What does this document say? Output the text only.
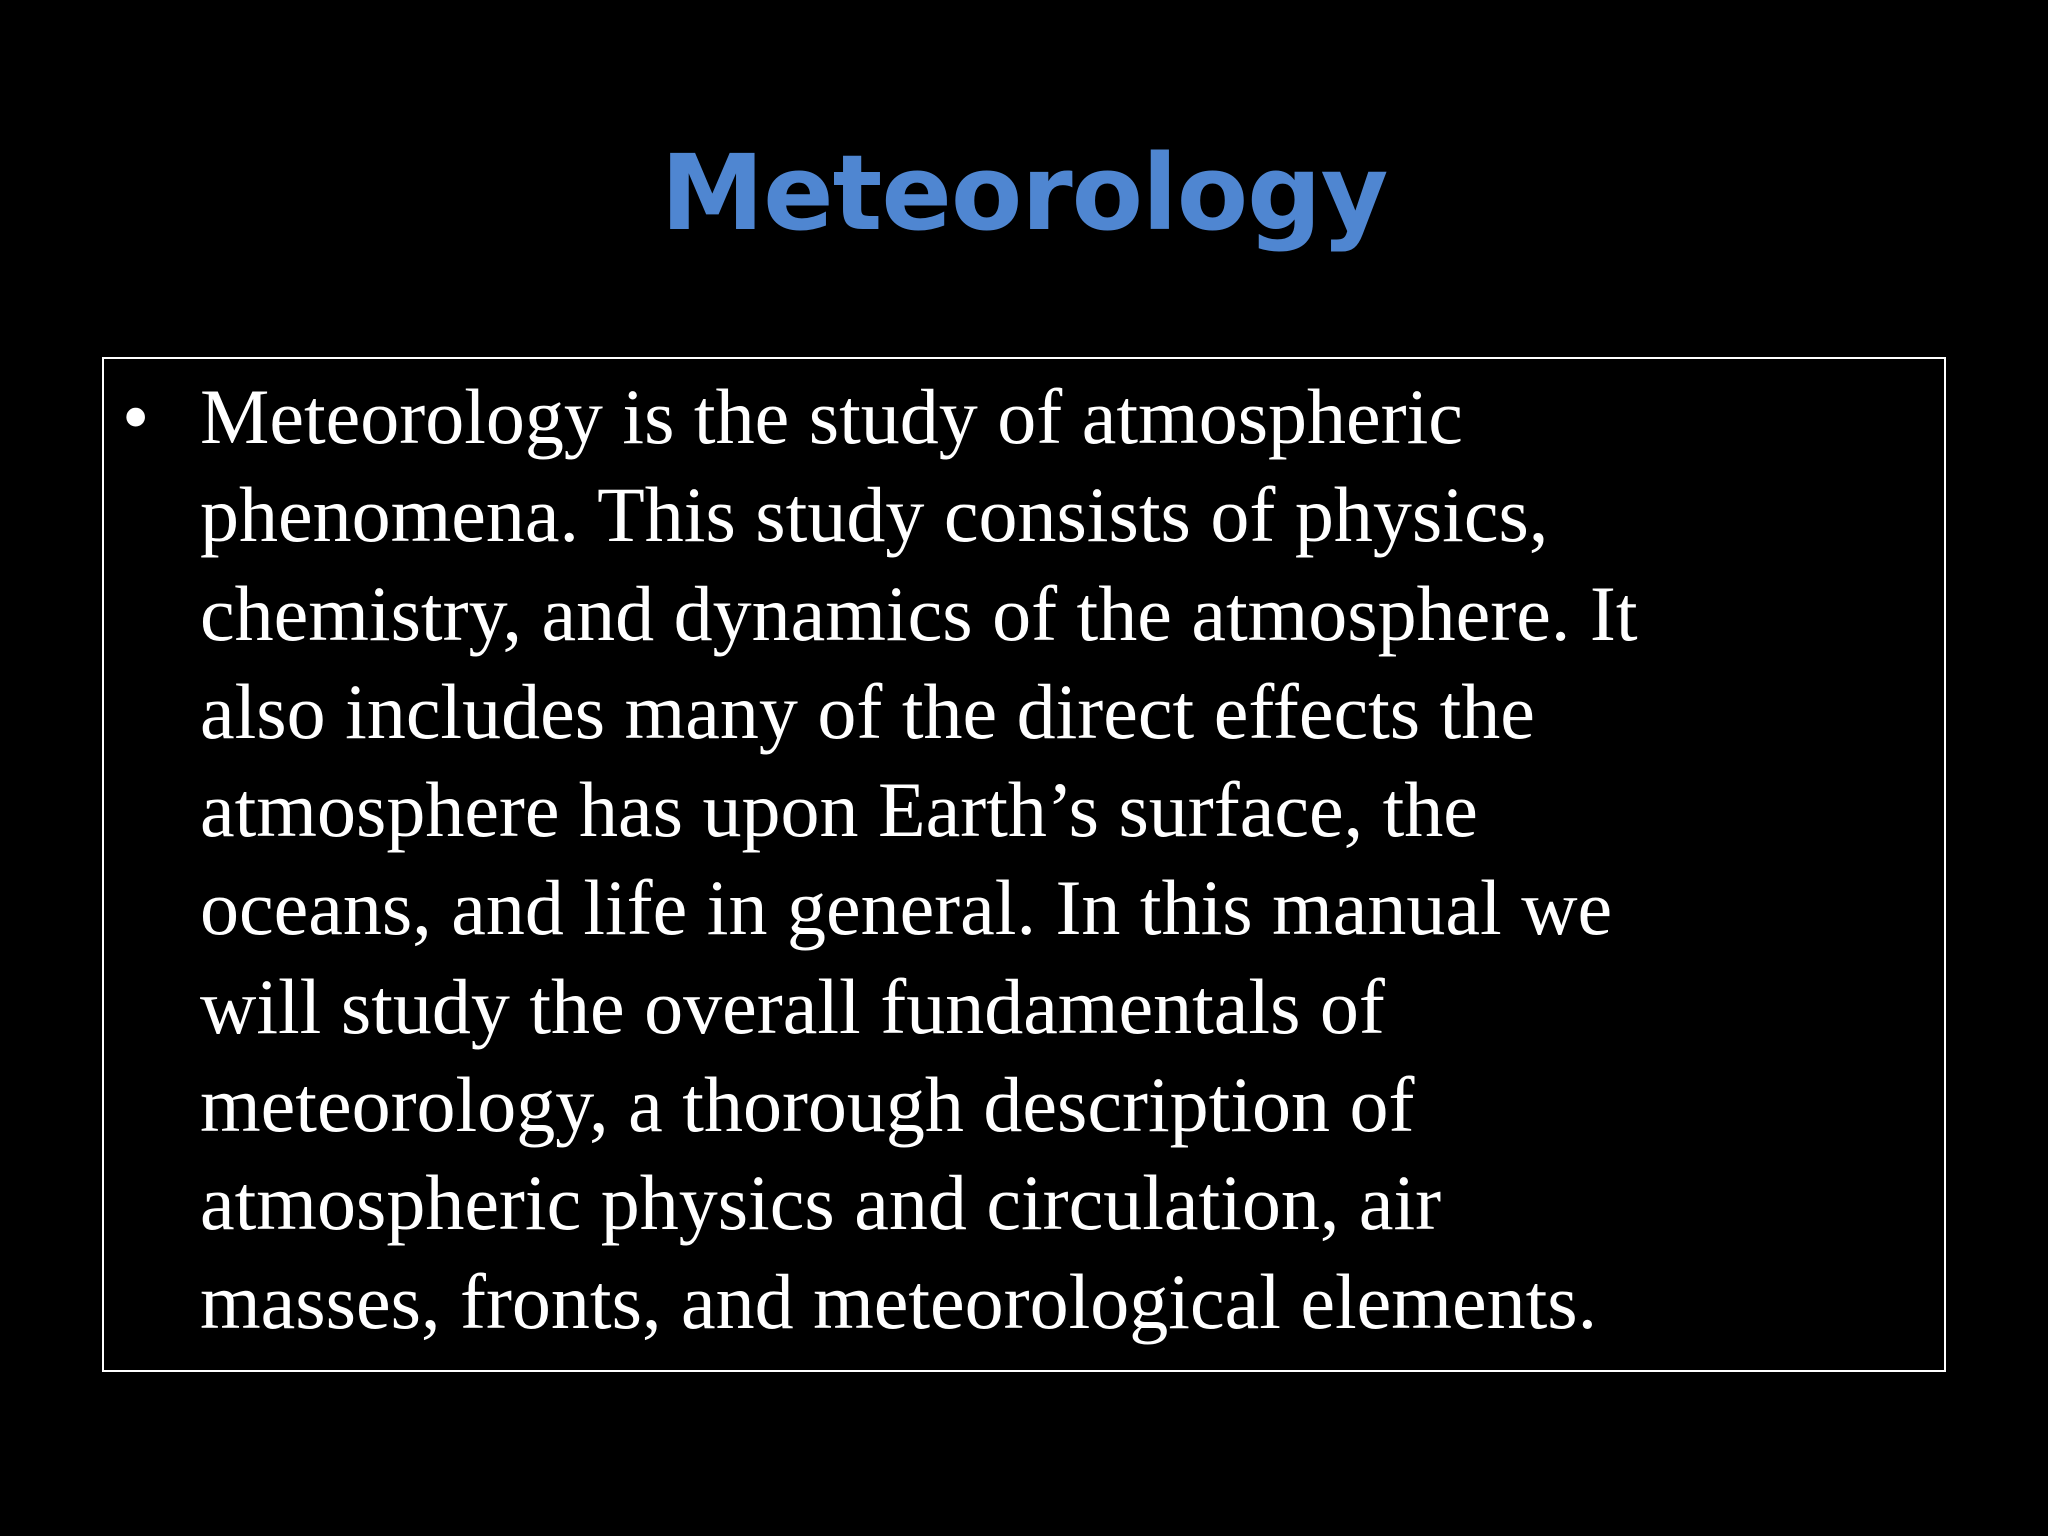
Meteorology
• Meteorology is the study of atmospheric
phenomena. This study consists of physics,
chemistry, and dynamics of the atmosphere. It
also includes many of the direct effects the
atmosphere has upon Earth’s surface, the
oceans, and life in general. In this manual we
will study the overall fundamentals of
meteorology, a thorough description of
atmospheric physics and circulation, air
masses, fronts, and meteorological elements.
